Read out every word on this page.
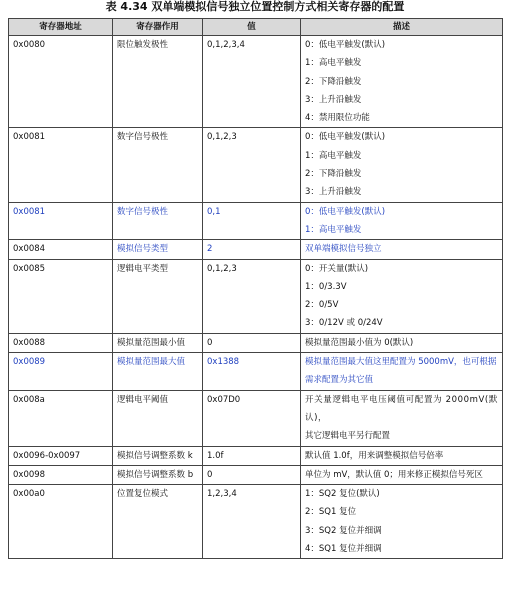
表 4.34 双单端模拟信号独立位置控制方式相关寄存器的配置
寄存器地址	寄存器作用	值	描述
0x0080	限位触发极性	0,1,2,3,4	0：低电平触发(默认)
1：高电平触发
2：下降沿触发
3：上升沿触发
4：禁用限位功能

0x0081	数字信号极性	0,1,2,3	0：低电平触发(默认)
1：高电平触发
2：下降沿触发
3：上升沿触发

0x0081	数字信号极性	0,1	0：低电平触发(默认)
1：高电平触发

0x0084	模拟信号类型	2	双单端模拟信号独立

0x0085	逻辑电平类型	0,1,2,3	0：开关量(默认)
1：0/3.3V
2：0/5V
3：0/12V 或 0/24V

0x0088	模拟量范围最小值	0	模拟量范围最小值为 0(默认)

0x0089	模拟量范围最大值	0x1388	模拟量范围最大值这里配置为 5000mV，也可根据需求配置为其它值
0x008a	逻辑电平阈值	0x07D0	开关量逻辑电平电压阈值可配置为 2000mV(默认)，
其它逻辑电平另行配置

0x0096-0x0097	模拟信号调整系数 k	1.0f	默认值 1.0f，用来调整模拟信号倍率
0x0098	模拟信号调整系数 b	0	单位为 mV，默认值 0；用来修正模拟信号死区
0x00a0	位置复位模式	1,2,3,4	1：SQ2 复位(默认)
2：SQ1 复位
3：SQ2 复位并细调
4：SQ1 复位并细调
